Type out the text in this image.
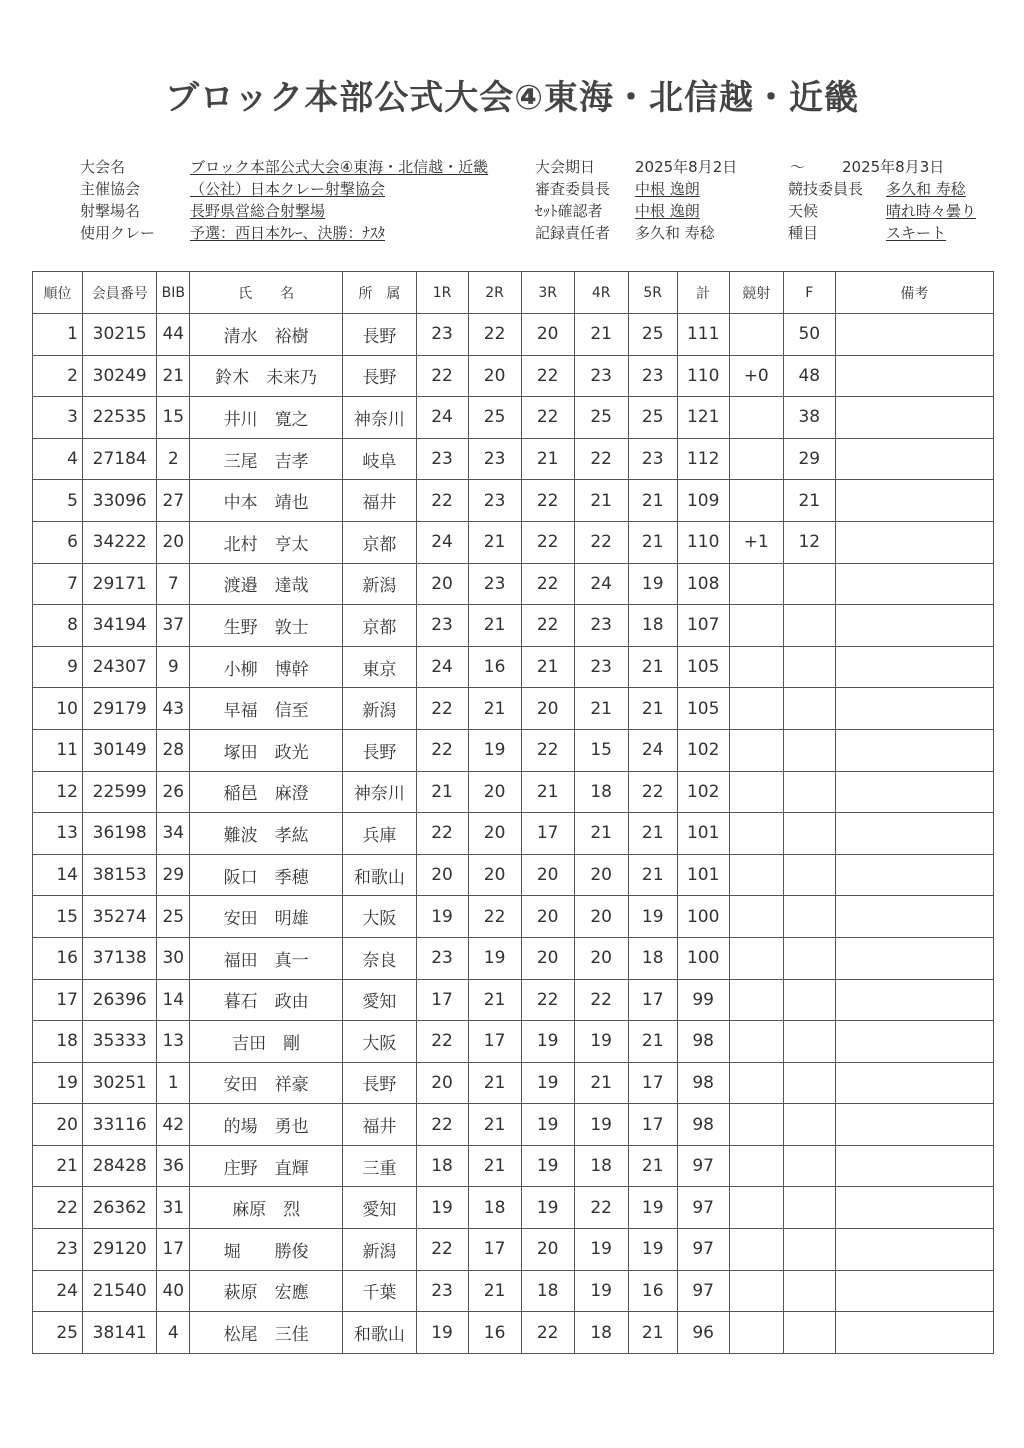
ブロック本部公式大会④東海・北信越・近畿
大会名	ブロック本部公式大会④東海・北信越・近畿
主催協会	（公社）日本クレー射撃協会
射撃場名	長野県営総合射撃場
使用クレー 予選：西日本ｸﾚｰ、決勝：ﾅｽﾀ
大会期日	2025年8月2日
審査委員長 中根 逸朗
ｾｯﾄ確認者 中根 逸朗
記録責任者 多久和 寿稔
～ 2025年8月3日
競技委員長 多久和 寿稔
天候	晴れ時々曇り
種目	スキート
順位	会員番号	BIB	氏　　名	所　属	1R	2R	3R	4R	5R	計	競射	F	備考
1	30215	44	清水　裕樹	長野	23	22	20	21	25	111		50	
2	30249	21	鈴木　未来乃	長野	22	20	22	23	23	110	+0	48	
3	22535	15	井川　寛之	神奈川	24	25	22	25	25	121		38	
4	27184	2	三尾　吉孝	岐阜	23	23	21	22	23	112		29	
5	33096	27	中本　靖也	福井	22	23	22	21	21	109		21	
6	34222	20	北村　亨太	京都	24	21	22	22	21	110	+1	12	
7	29171	7	渡邉　達哉	新潟	20	23	22	24	19	108			
8	34194	37	生野　敦士	京都	23	21	22	23	18	107			
9	24307	9	小柳　博幹	東京	24	16	21	23	21	105			
10	29179	43	早福　信至	新潟	22	21	20	21	21	105			
11	30149	28	塚田　政光	長野	22	19	22	15	24	102			
12	22599	26	稲邑　麻澄	神奈川	21	20	21	18	22	102			
13	36198	34	難波　孝紘	兵庫	22	20	17	21	21	101			
14	38153	29	阪口　季穂	和歌山	20	20	20	20	21	101			
15	35274	25	安田　明雄	大阪	19	22	20	20	19	100			
16	37138	30	福田　真一	奈良	23	19	20	20	18	100			
17	26396	14	暮石　政由	愛知	17	21	22	22	17	99			
18	35333	13	吉田　剛	大阪	22	17	19	19	21	98			
19	30251	1	安田　祥豪	長野	20	21	19	21	17	98			
20	33116	42	的場　勇也	福井	22	21	19	19	17	98			
21	28428	36	庄野　直輝	三重	18	21	19	18	21	97			
22	26362	31	麻原　烈	愛知	19	18	19	22	19	97			
23	29120	17	堀　　勝俊	新潟	22	17	20	19	19	97			
24	21540	40	萩原　宏應	千葉	23	21	18	19	16	97			
25	38141	4	松尾　三佳	和歌山	19	16	22	18	21	96			
